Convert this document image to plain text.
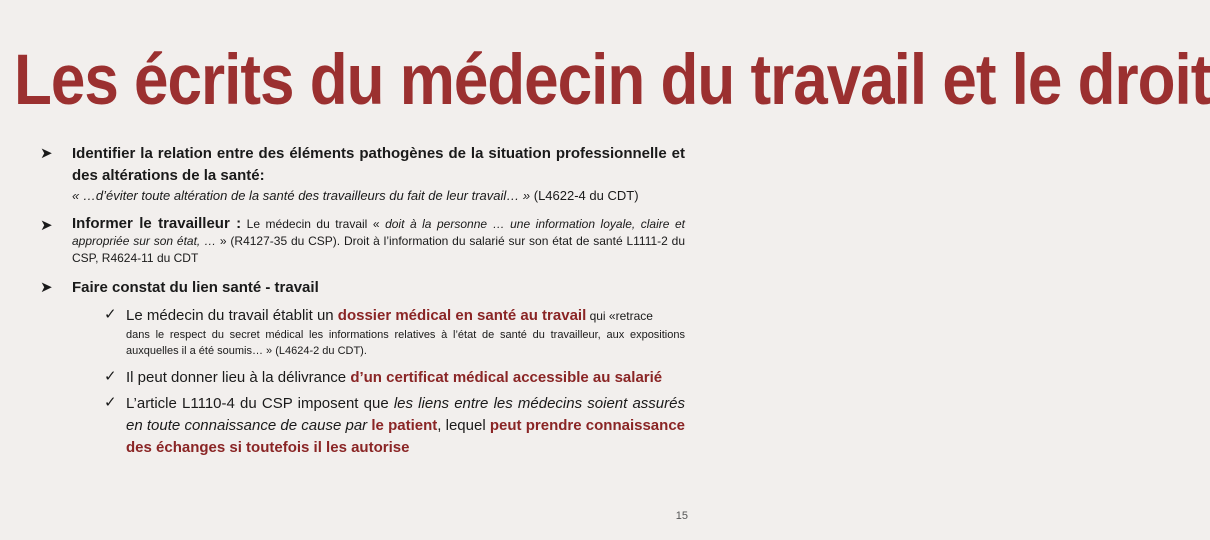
Les écrits du médecin du travail et le droit
➤ Identifier la relation entre des éléments pathogènes de la situation professionnelle et des altérations de la santé:
« …d’éviter toute altération de la santé des travailleurs du fait de leur travail… » (L4622-4 du CDT)
➤ Informer le travailleur : Le médecin du travail « doit à la personne … une information loyale, claire et appropriée sur son état, … » (R4127-35 du CSP). Droit à l’information du salarié sur son état de santé L1111-2 du CSP, R4624-11 du CDT
➤ Faire constat du lien santé - travail
✓ Le médecin du travail établit un dossier médical en santé au travail qui «retrace
dans le respect du secret médical les informations relatives à l’état de santé du travailleur, aux expositions auxquelles il a été soumis… » (L4624-2 du CDT).
✓ Il peut donner lieu à la délivrance d’un certificat médical accessible au salarié
✓ L’article L1110-4 du CSP imposent que les liens entre les médecins soient assurés en toute connaissance de cause par le patient, lequel peut prendre connaissance des échanges si toutefois il les autorise
15
